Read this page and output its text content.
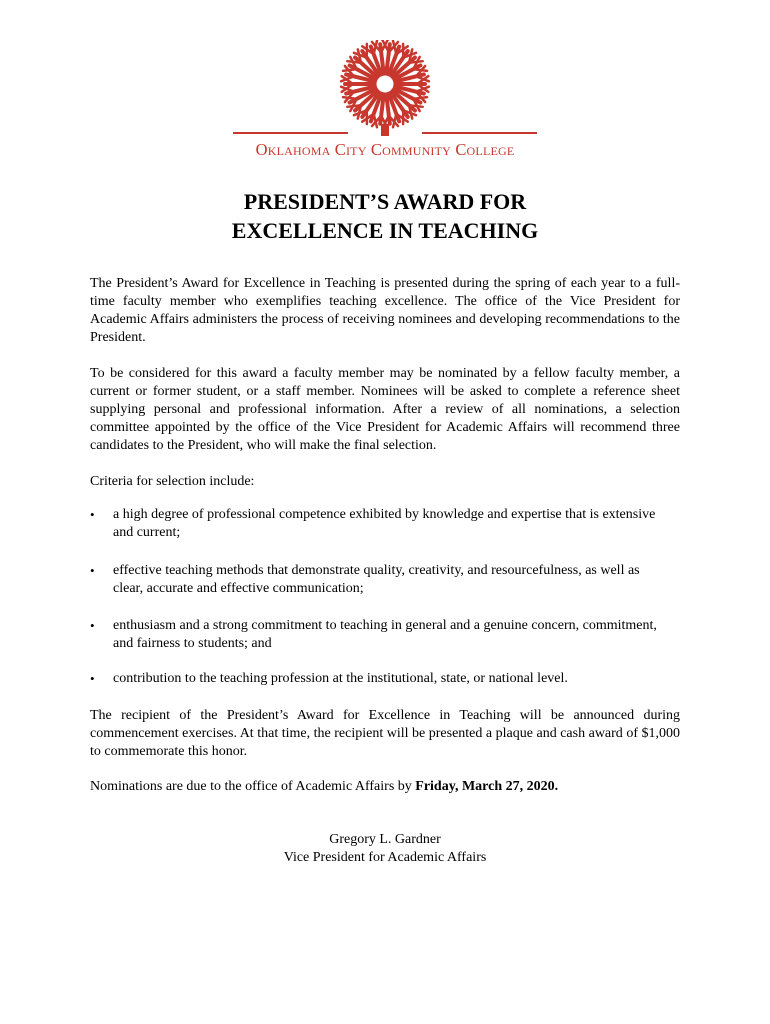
Oklahoma City Community College
PRESIDENT’S AWARD FOR
EXCELLENCE IN TEACHING

The President’s Award for Excellence in Teaching is presented during the spring of each year to a full-time faculty member who exemplifies teaching excellence. The office of the Vice President for Academic Affairs administers the process of receiving nominees and developing recommendations to the President.

To be considered for this award a faculty member may be nominated by a fellow faculty member, a current or former student, or a staff member. Nominees will be asked to complete a reference sheet supplying personal and professional information. After a review of all nominations, a selection committee appointed by the office of the Vice President for Academic Affairs will recommend three candidates to the President, who will make the final selection.

Criteria for selection include:

•	a high degree of professional competence exhibited by knowledge and expertise that is extensive and current;
•	effective teaching methods that demonstrate quality, creativity, and resourcefulness, as well as clear, accurate and effective communication;
•	enthusiasm and a strong commitment to teaching in general and a genuine concern, commitment, and fairness to students; and
•	contribution to the teaching profession at the institutional, state, or national level.

The recipient of the President’s Award for Excellence in Teaching will be announced during commencement exercises. At that time, the recipient will be presented a plaque and cash award of $1,000 to commemorate this honor.

Nominations are due to the office of Academic Affairs by Friday, March 27, 2020.

Gregory L. Gardner
Vice President for Academic Affairs
